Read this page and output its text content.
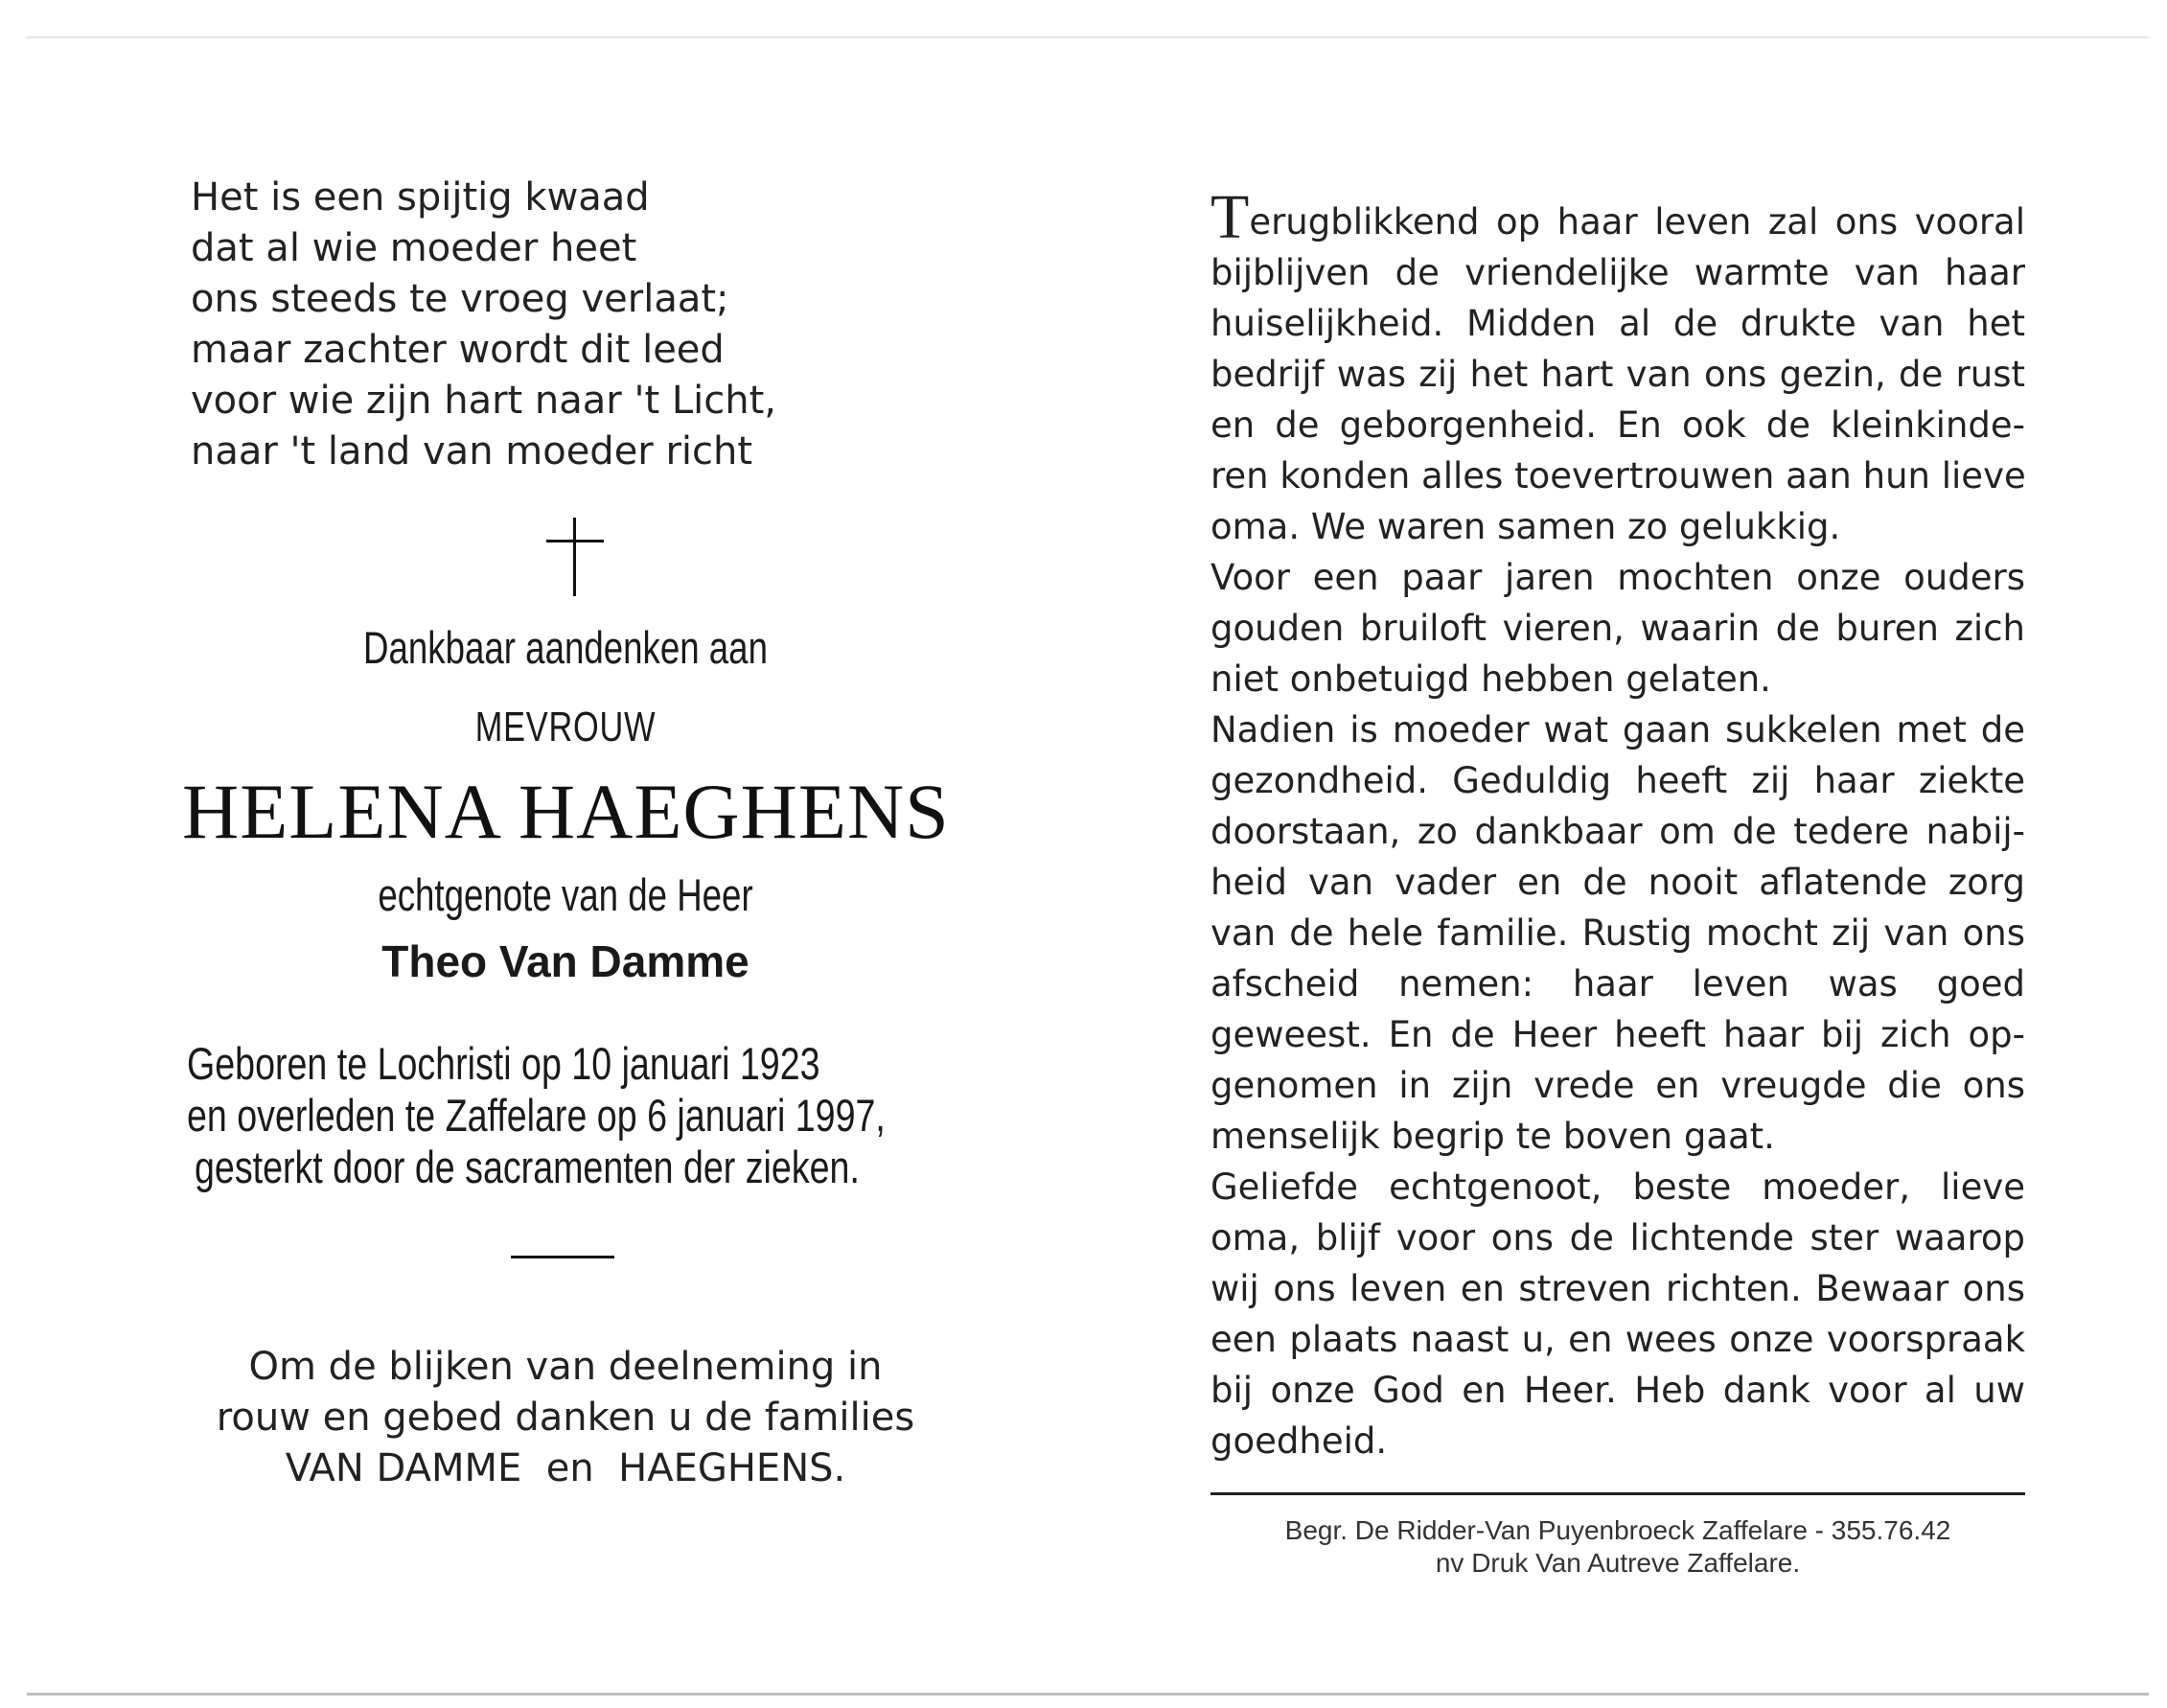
Het is een spijtig kwaad
dat al wie moeder heet
ons steeds te vroeg verlaat;
maar zachter wordt dit leed
voor wie zijn hart naar 't Licht,
naar 't land van moeder richt
Dankbaar aandenken aan
MEVROUW
HELENA HAEGHENS
echtgenote van de Heer
Theo Van Damme
Geboren te Lochristi op 10 januari 1923
en overleden te Zaffelare op 6 januari 1997,
gesterkt door de sacramenten der zieken.
Om de blijken van deelneming in
rouw en gebed danken u de families
VAN DAMME  en  HAEGHENS.
Terugblikkend op haar leven zal ons vooral
bijblijven de vriendelijke warmte van haar
huiselijkheid. Midden al de drukte van het
bedrijf was zij het hart van ons gezin, de rust
en de geborgenheid. En ook de kleinkinde-
ren konden alles toevertrouwen aan hun lieve
oma. We waren samen zo gelukkig.
Voor een paar jaren mochten onze ouders
gouden bruiloft vieren, waarin de buren zich
niet onbetuigd hebben gelaten.
Nadien is moeder wat gaan sukkelen met de
gezondheid. Geduldig heeft zij haar ziekte
doorstaan, zo dankbaar om de tedere nabij-
heid van vader en de nooit aflatende zorg
van de hele familie. Rustig mocht zij van ons
afscheid nemen: haar leven was goed
geweest. En de Heer heeft haar bij zich op-
genomen in zijn vrede en vreugde die ons
menselijk begrip te boven gaat.
Geliefde echtgenoot, beste moeder, lieve
oma, blijf voor ons de lichtende ster waarop
wij ons leven en streven richten. Bewaar ons
een plaats naast u, en wees onze voorspraak
bij onze God en Heer. Heb dank voor al uw
goedheid.
Begr. De Ridder-Van Puyenbroeck Zaffelare - 355.76.42
nv Druk Van Autreve Zaffelare.
